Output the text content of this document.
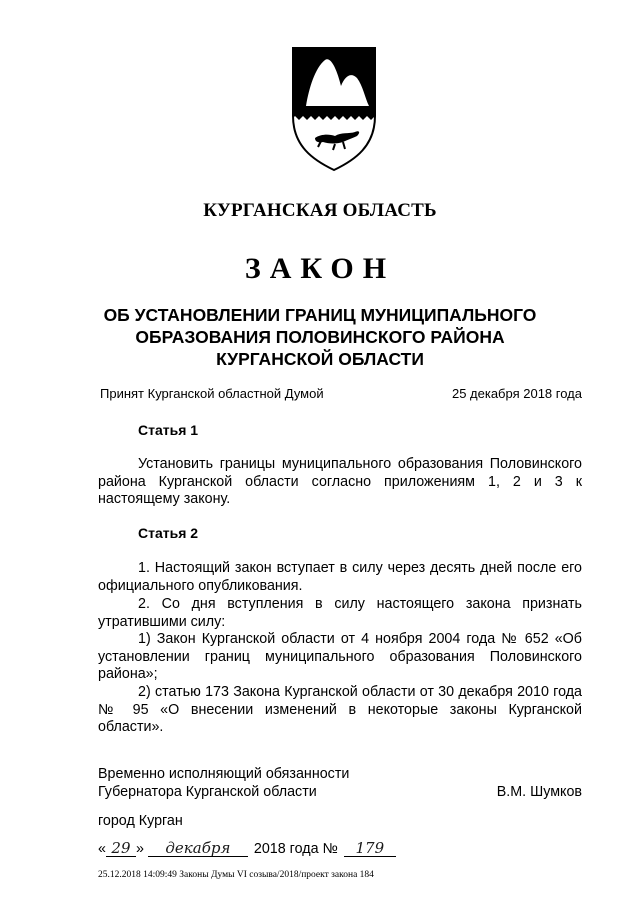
КУРГАНСКАЯ ОБЛАСТЬ
ЗАКОН
ОБ УСТАНОВЛЕНИИ ГРАНИЦ МУНИЦИПАЛЬНОГО
ОБРАЗОВАНИЯ ПОЛОВИНСКОГО РАЙОНА
КУРГАНСКОЙ ОБЛАСТИ
Принят Курганской областной Думой	25 декабря 2018 года
Статья 1

Установить границы муниципального образования Половинского района Курганской области согласно приложениям 1, 2 и 3 к настоящему закону.

Статья 2

1. Настоящий закон вступает в силу через десять дней после его официального опубликования.

2. Со дня вступления в силу настоящего закона признать утратившими силу:

1) Закон Курганской области от 4 ноября 2004 года № 652 «Об установлении границ муниципального образования Половинского района»;

2) статью 173 Закона Курганской области от 30 декабря 2010 года № 95 «О внесении изменений в некоторые законы Курганской области».

Временно исполняющий обязанности
Губернатора Курганской области	В.М. Шумков
город Курган
« 29 »	декабря	2018 года №	179
25.12.2018 14:09:49 Законы Думы VI созыва/2018/проект закона 184
